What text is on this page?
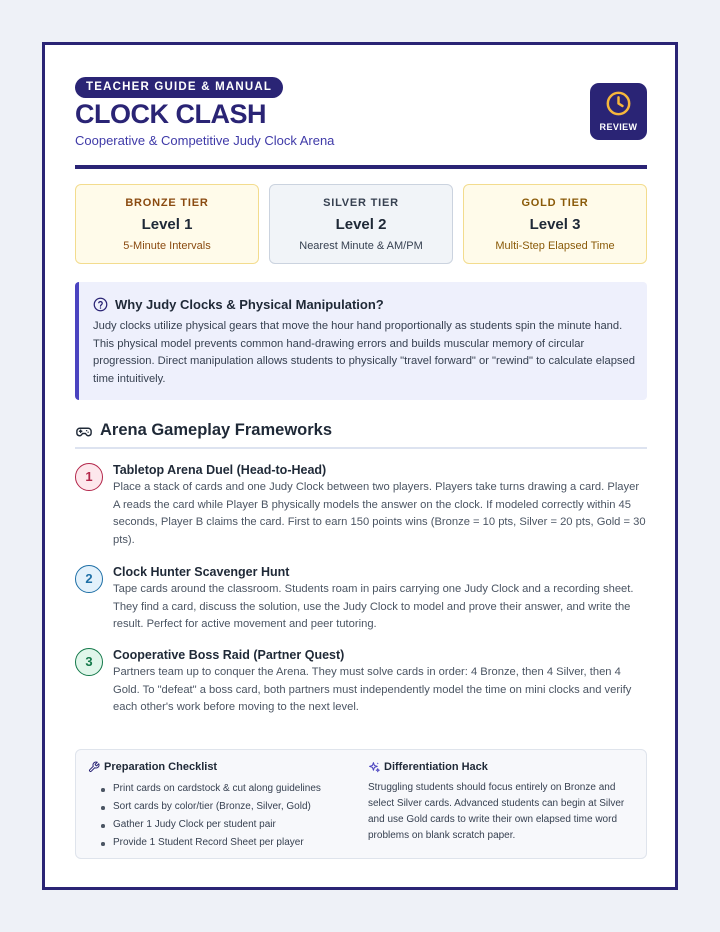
TEACHER GUIDE & MANUAL
CLOCK CLASH
Cooperative & Competitive Judy Clock Arena
REVIEW
BRONZE TIER
Level 1
5-Minute Intervals
SILVER TIER
Level 2
Nearest Minute & AM/PM
GOLD TIER
Level 3
Multi-Step Elapsed Time
Why Judy Clocks & Physical Manipulation?

Judy clocks utilize physical gears that move the hour hand proportionally as students spin the minute hand. This physical model prevents common hand-drawing errors and builds muscular memory of circular progression. Direct manipulation allows students to physically "travel forward" or "rewind" to calculate elapsed time intuitively.

Arena Gameplay Frameworks
1	Tabletop Arena Duel (Head-to-Head)

Place a stack of cards and one Judy Clock between two players. Players take turns drawing a card. Player A reads the card while Player B physically models the answer on the clock. If modeled correctly within 45 seconds, Player B claims the card. First to earn 150 points wins (Bronze = 10 pts, Silver = 20 pts, Gold = 30 pts).

2	Clock Hunter Scavenger Hunt

Tape cards around the classroom. Students roam in pairs carrying one Judy Clock and a recording sheet. They find a card, discuss the solution, use the Judy Clock to model and prove their answer, and write the result. Perfect for active movement and peer tutoring.

3	Cooperative Boss Raid (Partner Quest)

Partners team up to conquer the Arena. They must solve cards in order: 4 Bronze, then 4 Silver, then 4 Gold. To "defeat" a boss card, both partners must independently model the time on mini clocks and verify each other's work before moving to the next level.

Preparation Checklist
Print cards on cardstock & cut along guidelines
Sort cards by color/tier (Bronze, Silver, Gold)
Gather 1 Judy Clock per student pair
Provide 1 Student Record Sheet per player
Differentiation Hack

Struggling students should focus entirely on Bronze and select Silver cards. Advanced students can begin at Silver and use Gold cards to write their own elapsed time word problems on blank scratch paper.
